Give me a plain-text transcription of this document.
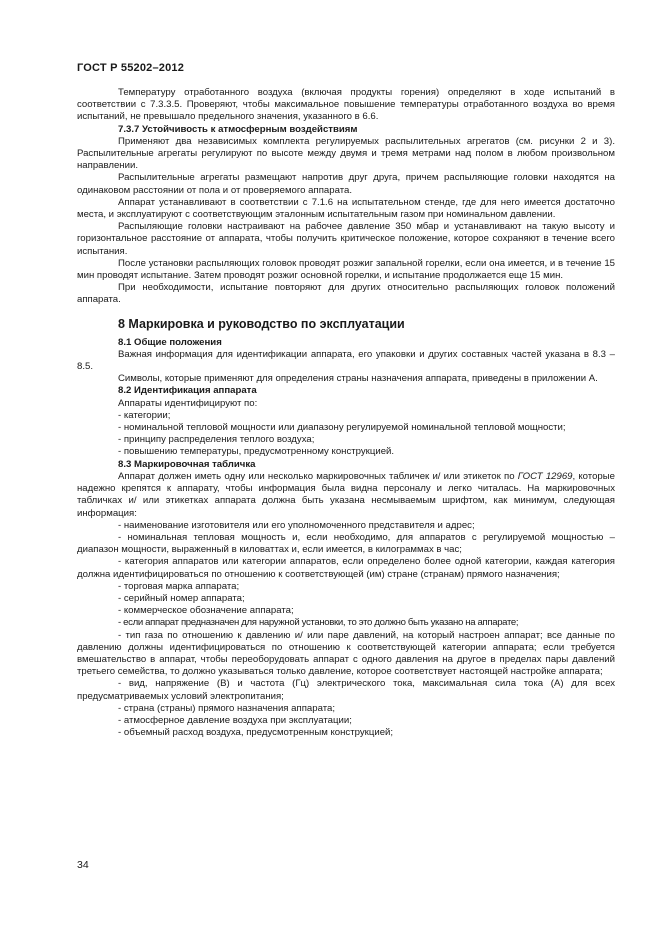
ГОСТ Р 55202–2012

Температуру отработанного воздуха (включая продукты горения) определяют в ходе испытаний в соответствии с 7.3.3.5. Проверяют, чтобы максимальное повышение температуры отработанного воздуха во время испытаний, не превышало предельного значения, указанного в 6.6.

7.3.7 Устойчивость к атмосферным воздействиям

Применяют два независимых комплекта регулируемых распылительных агрегатов (см. рисунки 2 и 3). Распылительные агрегаты регулируют по высоте между двумя и тремя метрами над полом в любом произвольном направлении.

Распылительные агрегаты размещают напротив друг друга, причем распыляющие головки находятся на одинаковом расстоянии от пола и от проверяемого аппарата.

Аппарат устанавливают в соответствии с 7.1.6 на испытательном стенде, где для него имеется достаточно места, и эксплуатируют с соответствующим эталонным испытательным газом при номинальном давлении.

Распыляющие головки настраивают на рабочее давление 350 мбар и устанавливают на такую высоту и горизонтальное расстояние от аппарата, чтобы получить критическое положение, которое сохраняют в течение всего испытания.

После установки распыляющих головок проводят розжиг запальной горелки, если она имеется, и в течение 15 мин проводят испытание. Затем проводят розжиг основной горелки, и испытание продолжается еще 15 мин.

При необходимости, испытание повторяют для других относительно распыляющих головок положений аппарата.

8 Маркировка и руководство по эксплуатации

8.1 Общие положения

Важная информация для идентификации аппарата, его упаковки и других составных частей указана в 8.3 – 8.5.

Символы, которые применяют для определения страны назначения аппарата, приведены в приложении А.

8.2 Идентификация аппарата

Аппараты идентифицируют по:

- категории;

- номинальной тепловой мощности или диапазону регулируемой номинальной тепловой мощности;

- принципу распределения теплого воздуха;

- повышению температуры, предусмотренному конструкцией.

8.3 Маркировочная табличка

Аппарат должен иметь одну или несколько маркировочных табличек и/ или этикеток по ГОСТ 12969, которые надежно крепятся к аппарату, чтобы информация была видна персоналу и легко читалась. На маркировочных табличках и/ или этикетках аппарата должна быть указана несмываемым шрифтом, как минимум, следующая информация:

- наименование изготовителя или его уполномоченного представителя и адрес;

- номинальная тепловая мощность и, если необходимо, для аппаратов с регулируемой мощностью – диапазон мощности, выраженный в киловаттах и, если имеется, в килограммах в час;

- категория аппаратов или категории аппаратов, если определено более одной категории, каждая категория должна идентифицироваться по отношению к соответствующей (им) стране (странам) прямого назначения;

- торговая марка аппарата;

- серийный номер аппарата;

- коммерческое обозначение аппарата;

- если аппарат предназначен для наружной установки, то это должно быть указано на аппарате;

- тип газа по отношению к давлению и/ или паре давлений, на который настроен аппарат; все данные по давлению должны идентифицироваться по отношению к соответствующей категории аппарата; если требуется вмешательство в аппарат, чтобы переоборудовать аппарат с одного давления на другое в пределах пары давлений третьего семейства, то должно указываться только давление, которое соответствует настоящей настройке аппарата;

- вид, напряжение (В) и частота (Гц) электрического тока, максимальная сила тока (А) для всех предусматриваемых условий электропитания;

- страна (страны) прямого назначения аппарата;

- атмосферное давление воздуха при эксплуатации;

- объемный расход воздуха, предусмотренным конструкцией;

34
